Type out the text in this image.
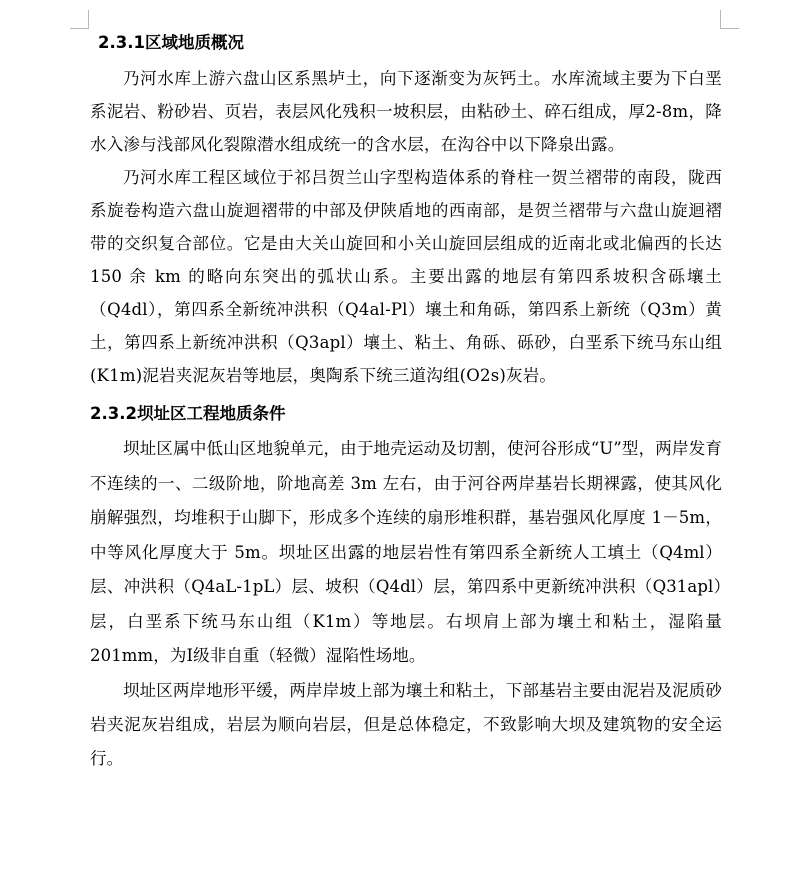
2.3.1区域地质概况

乃河水库上游六盘山区系黑垆土，向下逐渐变为灰钙土。水库流域主要为下白垩系泥岩、粉砂岩、页岩，表层风化残积一坡积层，由粘砂土、碎石组成，厚2-8m，降水入渗与浅部风化裂隙潜水组成统一的含水层，在沟谷中以下降泉出露。

乃河水库工程区域位于祁吕贺兰山字型构造体系的脊柱一贺兰褶带的南段，陇西系旋卷构造六盘山旋迴褶带的中部及伊陕盾地的西南部，是贺兰褶带与六盘山旋迴褶带的交织复合部位。它是由大关山旋回和小关山旋回层组成的近南北或北偏西的长达 150 余 km 的略向东突出的弧状山系。主要出露的地层有第四系坡积含砾壤土（Q4dl），第四系全新统冲洪积（Q4al-Pl）壤土和角砾，第四系上新统（Q3m）黄土，第四系上新统冲洪积（Q3apl）壤土、粘土、角砾、砾砂，白垩系下统马东山组(K1m)泥岩夹泥灰岩等地层，奥陶系下统三道沟组(O2s)灰岩。

2.3.2坝址区工程地质条件

坝址区属中低山区地貌单元，由于地壳运动及切割，使河谷形成“U”型，两岸发育不连续的一、二级阶地，阶地高差 3m 左右，由于河谷两岸基岩长期裸露，使其风化崩解强烈，均堆积于山脚下，形成多个连续的扇形堆积群，基岩强风化厚度 1－5m，中等风化厚度大于 5m。坝址区出露的地层岩性有第四系全新统人工填土（Q4ml）层、冲洪积（Q4aL-1pL）层、坡积（Q4dl）层，第四系中更新统冲洪积（Q31apl）层，白垩系下统马东山组（K1m）等地层。右坝肩上部为壤土和粘土，湿陷量 201mm，为Ⅰ级非自重（轻微）湿陷性场地。

坝址区两岸地形平缓，两岸岸坡上部为壤土和粘土，下部基岩主要由泥岩及泥质砂岩夹泥灰岩组成，岩层为顺向岩层，但是总体稳定，不致影响大坝及建筑物的安全运行。
